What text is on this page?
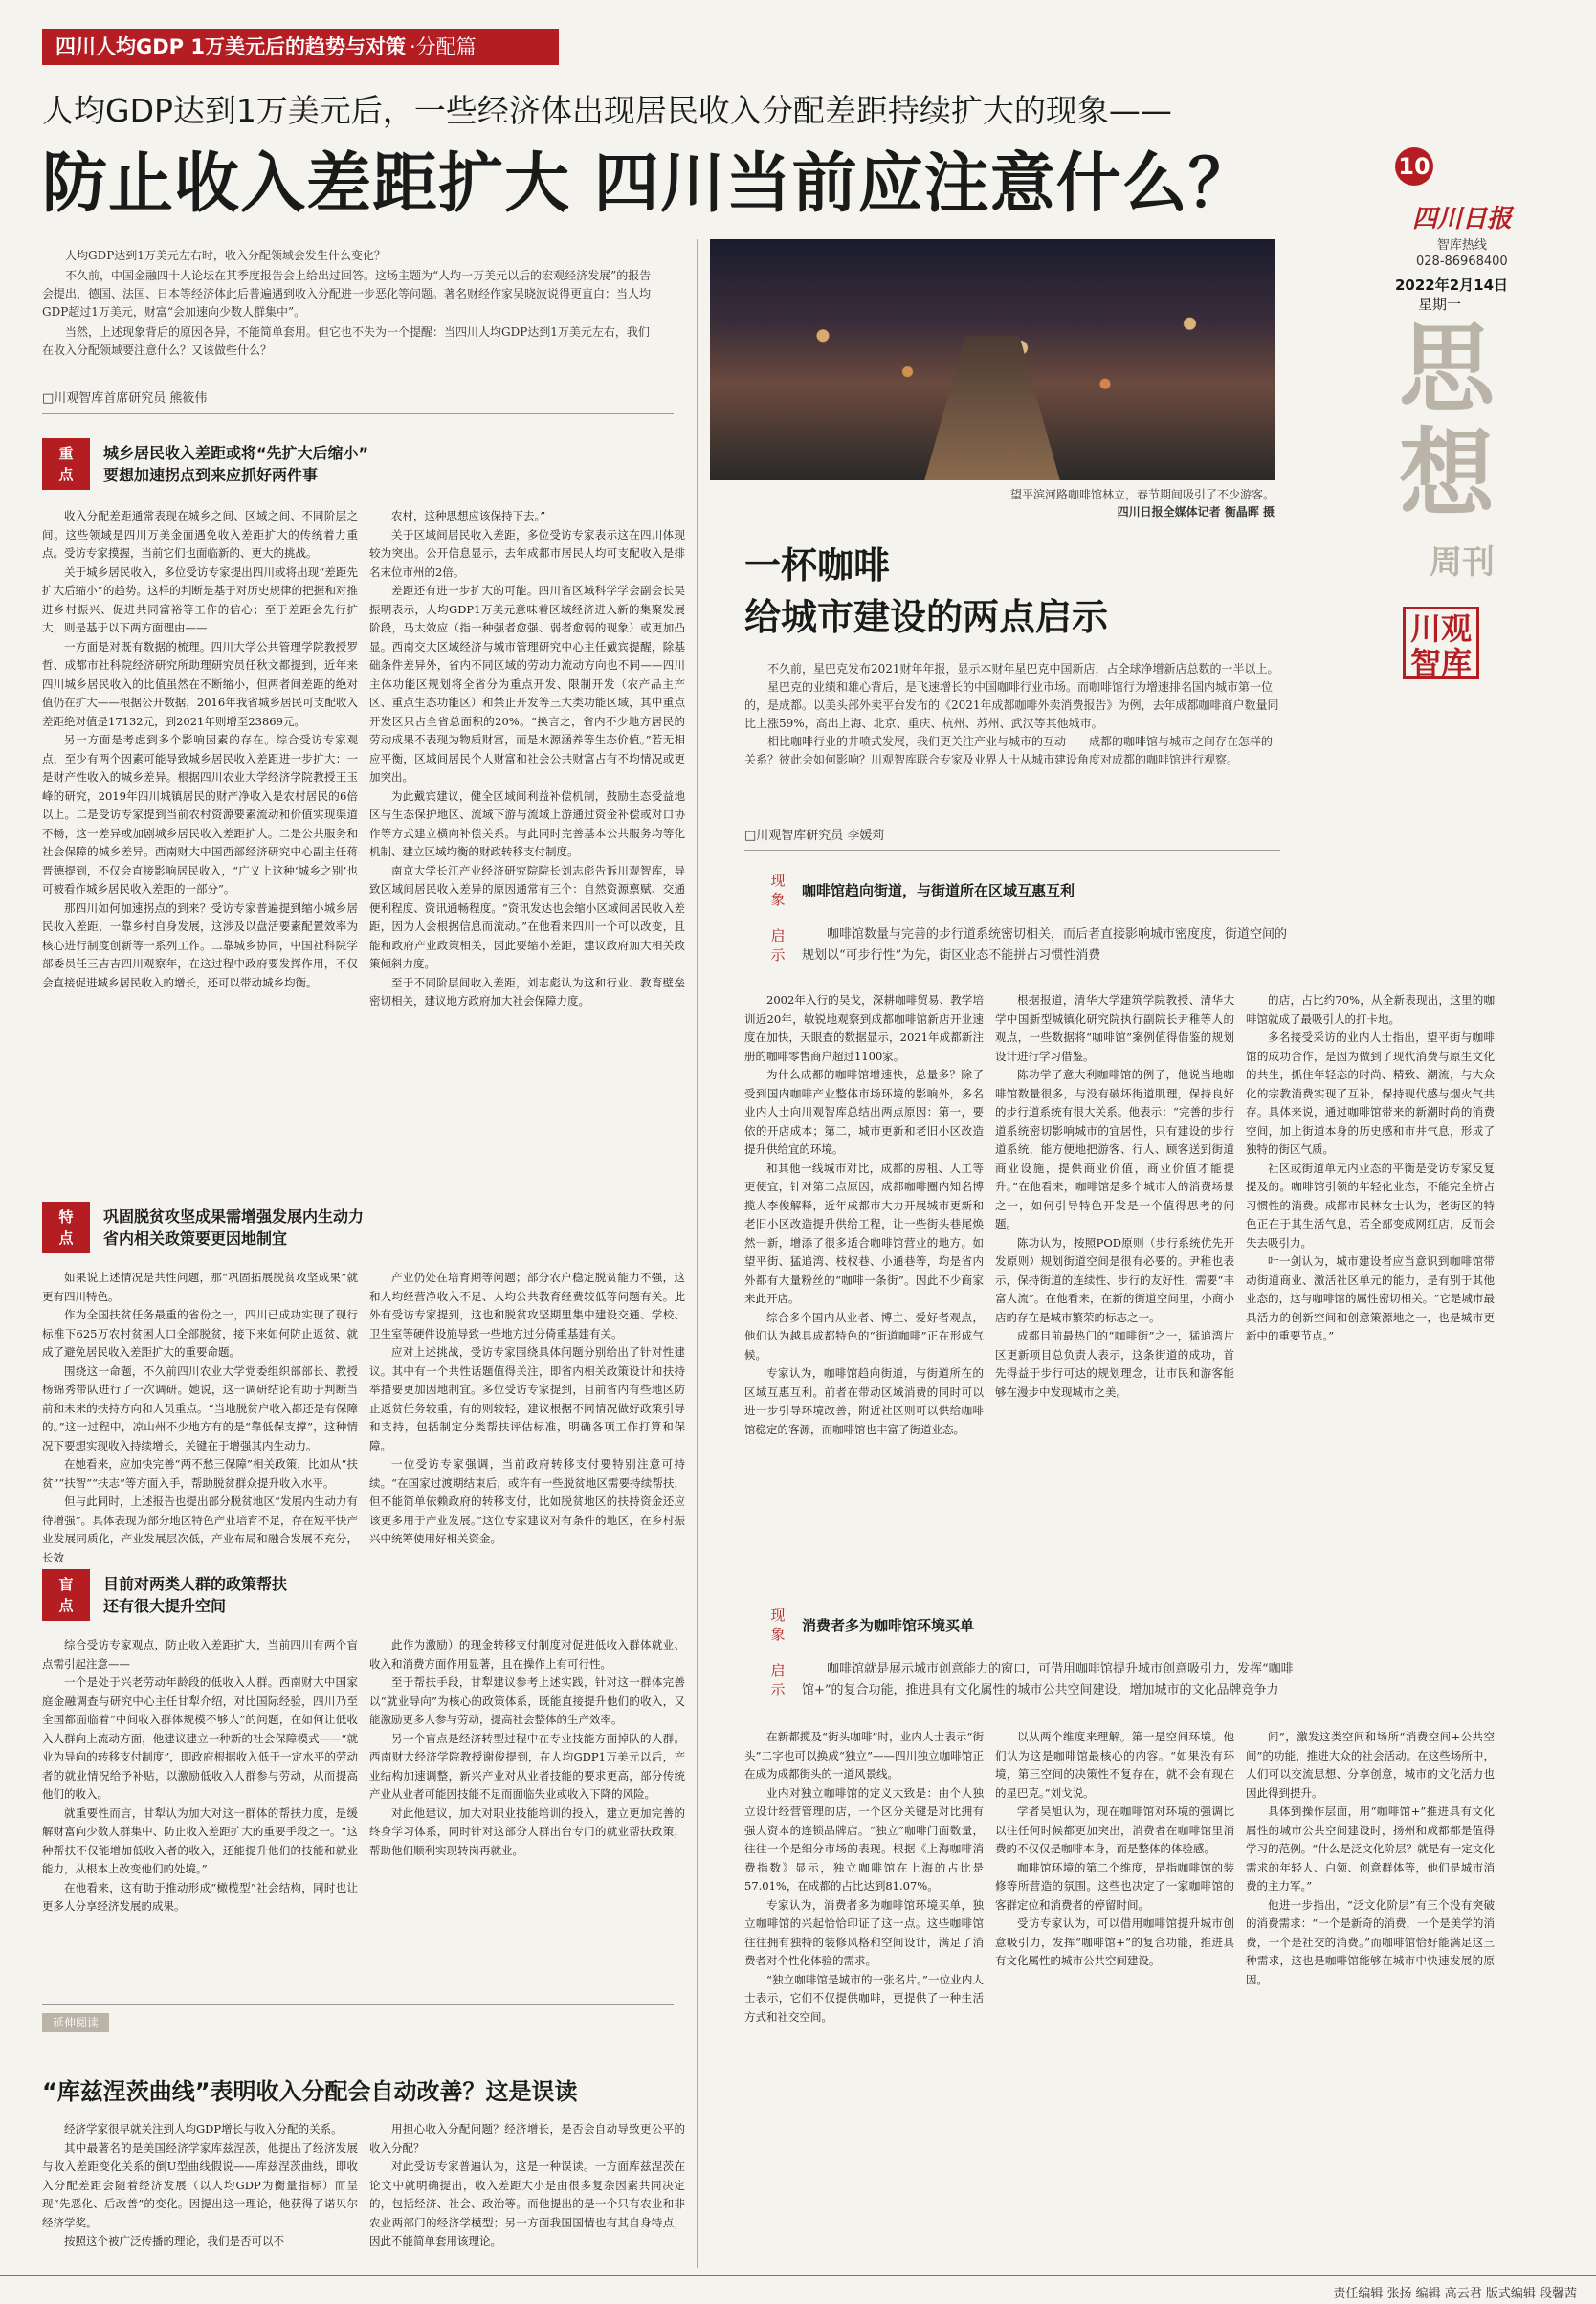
四川人均GDP 1万美元后的趋势与对策 ·分配篇
人均GDP达到1万美元后，一些经济体出现居民收入分配差距持续扩大的现象——
防止收入差距扩大 四川当前应注意什么？

人均GDP达到1万美元左右时，收入分配领域会发生什么变化？

不久前，中国金融四十人论坛在其季度报告会上给出过回答。这场主题为“人均一万美元以后的宏观经济发展”的报告会提出，德国、法国、日本等经济体此后普遍遇到收入分配进一步恶化等问题。著名财经作家吴晓波说得更直白：当人均GDP超过1万美元，财富“会加速向少数人群集中”。

当然，上述现象背后的原因各异，不能简单套用。但它也不失为一个提醒：当四川人均GDP达到1万美元左右，我们在收入分配领域要注意什么？又该做些什么？

□川观智库首席研究员 熊筱伟
重
点
城乡居民收入差距或将“先扩大后缩小”
要想加速拐点到来应抓好两件事

收入分配差距通常表现在城乡之间、区域之间、不同阶层之间。这些领域是四川万美金面遇免收入差距扩大的传统着力重点。受访专家摸握，当前它们也面临新的、更大的挑战。

关于城乡居民收入，多位受访专家提出四川或将出现“差距先扩大后缩小”的趋势。这样的判断是基于对历史规律的把握和对推进乡村振兴、促进共同富裕等工作的信心；至于差距会先行扩大，则是基于以下两方面理由——

一方面是对既有数据的梳理。四川大学公共管理学院教授罗哲、成都市社科院经济研究所助理研究员任秋文都提到，近年来四川城乡居民收入的比值虽然在不断缩小，但两者间差距的绝对值仍在扩大——根据公开数据，2016年我省城乡居民可支配收入差距绝对值是17132元，到2021年则增至23869元。

另一方面是考虑到多个影响因素的存在。综合受访专家观点，至少有两个因素可能导致城乡居民收入差距进一步扩大：一是财产性收入的城乡差异。根据四川农业大学经济学院教授王玉峰的研究，2019年四川城镇居民的财产净收入是农村居民的6倍以上。二是受访专家提到当前农村资源要素流动和价值实现渠道不畅，这一差异或加剧城乡居民收入差距扩大。二是公共服务和社会保障的城乡差异。西南财大中国西部经济研究中心副主任蒋晋德提到，不仅会直接影响居民收入，“广义上这种‘城乡之别’也可被看作城乡居民收入差距的一部分”。

那四川如何加速拐点的到来？受访专家普遍提到缩小城乡居民收入差距，一靠乡村自身发展，这涉及以盘活要素配置效率为核心进行制度创新等一系列工作。二靠城乡协同，中国社科院学部委员任三吉吉四川观察年，在这过程中政府要发挥作用，不仅会直接促进城乡居民收入的增长，还可以带动城乡均衡。

农村，这种思想应该保持下去。”

关于区域间居民收入差距，多位受访专家表示这在四川体现较为突出。公开信息显示，去年成都市居民人均可支配收入是排名末位市州的2倍。

差距还有进一步扩大的可能。四川省区域科学学会副会长吴振明表示，人均GDP1万美元意味着区域经济进入新的集聚发展阶段，马太效应（指一种强者愈强、弱者愈弱的现象）或更加凸显。西南交大区域经济与城市管理研究中心主任戴宾提醒，除基础条件差异外，省内不同区域的劳动力流动方向也不同——四川主体功能区规划将全省分为重点开发、限制开发（农产品主产区、重点生态功能区）和禁止开发等三大类功能区域，其中重点开发区只占全省总面积的20%。“换言之，省内不少地方居民的劳动成果不表现为物质财富，而是水源涵养等生态价值。”若无相应平衡，区域间居民个人财富和社会公共财富占有不均情况或更加突出。

为此戴宾建议，健全区域间利益补偿机制，鼓励生态受益地区与生态保护地区、流域下游与流域上游通过资金补偿或对口协作等方式建立横向补偿关系。与此同时完善基本公共服务均等化机制、建立区域均衡的财政转移支付制度。

南京大学长江产业经济研究院院长刘志彪告诉川观智库，导致区域间居民收入差异的原因通常有三个：自然资源禀赋、交通便利程度、资讯通畅程度。“资讯发达也会缩小区域间居民收入差距，因为人会根据信息而流动。”在他看来四川一个可以改变，且能和政府产业政策相关，因此要缩小差距，建议政府加大相关政策倾斜力度。

至于不同阶层间收入差距，刘志彪认为这和行业、教育壁垒密切相关，建议地方政府加大社会保障力度。

特
点
巩固脱贫攻坚成果需增强发展内生动力
省内相关政策要更因地制宜

如果说上述情况是共性问题，那“巩固拓展脱贫攻坚成果”就更有四川特色。

作为全国扶贫任务最重的省份之一，四川已成功实现了现行标准下625万农村贫困人口全部脱贫，接下来如何防止返贫、就成了避免居民收入差距扩大的重要命题。

围绕这一命题，不久前四川农业大学党委组织部部长、教授杨锦秀带队进行了一次调研。她说，这一调研结论有助于判断当前和未来的扶持方向和人员重点。“当地脱贫户收入都还是有保障的。”这一过程中，凉山州不少地方有的是“靠低保支撑”，这种情况下要想实现收入持续增长，关键在于增强其内生动力。

在她看来，应加快完善“两不愁三保障”相关政策，比如从“扶贫”“扶智”“扶志”等方面入手，帮助脱贫群众提升收入水平。

但与此同时，上述报告也提出部分脱贫地区“发展内生动力有待增强”。具体表现为部分地区特色产业培育不足，存在短平快产业发展同质化，产业发展层次低，产业布局和融合发展不充分，长效

产业仍处在培育期等问题；部分农户稳定脱贫能力不强，这和人均经营净收入不足、人均公共教育经费较低等问题有关。此外有受访专家提到，这也和脱贫攻坚期里集中建设交通、学校、卫生室等硬件设施导致一些地方过分倚重基建有关。

应对上述挑战，受访专家围绕具体问题分别给出了针对性建议。其中有一个共性话题值得关注，即省内相关政策设计和扶持举措要更加因地制宜。多位受访专家提到，目前省内有些地区防止返贫任务较重，有的则较轻，建议根据不同情况做好政策引导和支持，包括制定分类帮扶评估标准，明确各项工作打算和保障。

一位受访专家强调，当前政府转移支付要特别注意可持续。“在国家过渡期结束后，或许有一些脱贫地区需要持续帮扶，但不能简单依赖政府的转移支付，比如脱贫地区的扶持资金还应该更多用于产业发展。”这位专家建议对有条件的地区，在乡村振兴中统筹使用好相关资金。

盲
点
目前对两类人群的政策帮扶
还有很大提升空间

综合受访专家观点，防止收入差距扩大，当前四川有两个盲点需引起注意——

一个是处于兴老劳动年龄段的低收入人群。西南财大中国家庭金融调查与研究中心主任甘犁介绍，对比国际经验，四川乃至全国都面临着“中间收入群体规模不够大”的问题，在如何让低收入人群向上流动方面，他建议建立一种新的社会保障模式——“就业为导向的转移支付制度”，即政府根据收入低于一定水平的劳动者的就业情况给予补贴，以激励低收入人群参与劳动，从而提高他们的收入。

就重要性而言，甘犁认为加大对这一群体的帮扶力度，是缓解财富向少数人群集中、防止收入差距扩大的重要手段之一。“这种帮扶不仅能增加低收入者的收入，还能提升他们的技能和就业能力，从根本上改变他们的处境。”

在他看来，这有助于推动形成“橄榄型”社会结构，同时也让更多人分享经济发展的成果。

此作为激励）的现金转移支付制度对促进低收入群体就业、收入和消费方面作用显著，且在操作上有可行性。

至于帮扶手段，甘犁建议参考上述实践，针对这一群体完善以“就业导向”为核心的政策体系，既能直接提升他们的收入，又能激励更多人参与劳动，提高社会整体的生产效率。

另一个盲点是经济转型过程中在专业技能方面掉队的人群。西南财大经济学院教授谢俊提到，在人均GDP1万美元以后，产业结构加速调整，新兴产业对从业者技能的要求更高，部分传统产业从业者可能因技能不足而面临失业或收入下降的风险。

对此他建议，加大对职业技能培训的投入，建立更加完善的终身学习体系，同时针对这部分人群出台专门的就业帮扶政策，帮助他们顺利实现转岗再就业。

延伸阅读
“库兹涅茨曲线”表明收入分配会自动改善？这是误读

经济学家很早就关注到人均GDP增长与收入分配的关系。

其中最著名的是美国经济学家库兹涅茨，他提出了经济发展与收入差距变化关系的倒U型曲线假说——库兹涅茨曲线，即收入分配差距会随着经济发展（以人均GDP为衡量指标）而呈现“先恶化、后改善”的变化。因提出这一理论，他获得了诺贝尔经济学奖。

按照这个被广泛传播的理论，我们是否可以不

用担心收入分配问题？经济增长，是否会自动导致更公平的收入分配？

对此受访专家普遍认为，这是一种误读。一方面库兹涅茨在论文中就明确提出，收入差距大小是由很多复杂因素共同决定的，包括经济、社会、政治等。而他提出的是一个只有农业和非农业两部门的经济学模型；另一方面我国国情也有其自身特点，因此不能简单套用该理论。

望平滨河路咖啡馆林立，春节期间吸引了不少游客。
四川日报全媒体记者 衡晶晖 摄
一杯咖啡
给城市建设的两点启示

不久前，星巴克发布2021财年年报，显示本财年星巴克中国新店，占全球净增新店总数的一半以上。

星巴克的业绩和雄心背后，是飞速增长的中国咖啡行业市场。而咖啡馆行为增速排名国内城市第一位的，是成都。以美头部外卖平台发布的《2021年成都咖啡外卖消费报告》为例，去年成都咖啡商户数量同比上涨59%，高出上海、北京、重庆、杭州、苏州、武汉等其他城市。

相比咖啡行业的井喷式发展，我们更关注产业与城市的互动——成都的咖啡馆与城市之间存在怎样的关系？彼此会如何影响？川观智库联合专家及业界人士从城市建设角度对成都的咖啡馆进行观察。

□川观智库研究员 李媛莉
现
象
咖啡馆趋向街道，与街道所在区域互惠互利
启
示
咖啡馆数量与完善的步行道系统密切相关，而后者直接影响城市密度度，街道空间的
规划以“可步行性”为先，街区业态不能拼占习惯性消费

2002年入行的吴戈，深耕咖啡贸易、教学培训近20年，敏锐地观察到成都咖啡馆新店开业速度在加快，天眼查的数据显示，2021年成都新注册的咖啡零售商户超过1100家。

为什么成都的咖啡馆增速快，总量多？除了受到国内咖啡产业整体市场环境的影响外，多名业内人士向川观智库总结出两点原因：第一，要依的开店成本；第二，城市更新和老旧小区改造提升供给宜的环境。

和其他一线城市对比，成都的房租、人工等更便宜，针对第二点原因，成都咖啡圈内知名博揽人李俊解释，近年成都市大力开展城市更新和老旧小区改造提升供给工程，让一些街头巷尾焕然一新，增添了很多适合咖啡馆营业的地方。如望平街、猛追湾、枝杈巷、小通巷等，均是省内外都有大量粉丝的“咖啡一条街”。因此不少商家来此开店。

综合多个国内从业者、博主、爱好者观点，他们认为越具成都特色的“街道咖啡”正在形成气候。

专家认为，咖啡馆趋向街道，与街道所在的区域互惠互利。前者在带动区域消费的同时可以进一步引导环境改善，附近社区则可以供给咖啡馆稳定的客源，而咖啡馆也丰富了街道业态。

根据报道，清华大学建筑学院教授、清华大学中国新型城镇化研究院执行副院长尹稚等人的观点，一些数据将“咖啡馆”案例值得借鉴的规划设计进行学习借鉴。

陈功学了意大利咖啡馆的例子，他说当地咖啡馆数量很多，与没有破坏街道肌理，保持良好的步行道系统有很大关系。他表示：“完善的步行道系统密切影响城市的宜居性，只有建设的步行道系统，能方便地把游客、行人、顾客送到街道商业设施，提供商业价值，商业价值才能提升。”在他看来，咖啡馆是多个城市人的消费场景之一，如何引导特色开发是一个值得思考的问题。

陈功认为，按照POD原则（步行系统优先开发原则）规划街道空间是很有必要的。尹稚也表示，保持街道的连续性、步行的友好性，需要“丰富人流”。在他看来，在新的街道空间里，小商小店的存在是城市繁荣的标志之一。

成都目前最热门的“咖啡街”之一，猛追湾片区更新项目总负责人表示，这条街道的成功，首先得益于步行可达的规划理念，让市民和游客能够在漫步中发现城市之美。

的店，占比约70%，从全新表现出，这里的咖啡馆就成了最吸引人的打卡地。

多名接受采访的业内人士指出，望平街与咖啡馆的成功合作，是因为做到了现代消费与原生文化的共生，抓住年轻态的时尚、精致、潮流，与大众化的宗教消费实现了互补，保持现代感与烟火气共存。具体来说，通过咖啡馆带来的新潮时尚的消费空间，加上街道本身的历史感和市井气息，形成了独特的街区气质。

社区或街道单元内业态的平衡是受访专家反复提及的。咖啡馆引领的年轻化业态，不能完全挤占习惯性的消费。成都市民林女士认为，老街区的特色正在于其生活气息，若全部变成网红店，反而会失去吸引力。

叶一剑认为，城市建设者应当意识到咖啡馆带动街道商业、激活社区单元的能力，是有别于其他业态的，这与咖啡馆的属性密切相关。“它是城市最具活力的创新空间和创意策源地之一，也是城市更新中的重要节点。”

现
象
消费者多为咖啡馆环境买单
启
示
咖啡馆就是展示城市创意能力的窗口，可借用咖啡馆提升城市创意吸引力，发挥“咖啡
馆+”的复合功能，推进具有文化属性的城市公共空间建设，增加城市的文化品牌竞争力

在新都揽及“街头咖啡”时，业内人士表示“街头”二字也可以换成“独立”——四川独立咖啡馆正在成为成都街头的一道风景线。

业内对独立咖啡馆的定义大致是：由个人独立设计经营管理的店，一个区分关键是对比拥有强大资本的连锁品牌店。“独立”咖啡门面数量，往往一个是细分市场的表现。根据《上海咖啡消费指数》显示，独立咖啡馆在上海的占比是57.01%，在成都的占比达到81.07%。

专家认为，消费者多为咖啡馆环境买单，独立咖啡馆的兴起恰恰印证了这一点。这些咖啡馆往往拥有独特的装修风格和空间设计，满足了消费者对个性化体验的需求。

“独立咖啡馆是城市的一张名片。”一位业内人士表示，它们不仅提供咖啡，更提供了一种生活方式和社交空间。

以从两个维度来理解。第一是空间环境。他们认为这是咖啡馆最核心的内容。“如果没有环境，第三空间的决策性不复存在，就不会有现在的星巴克。”刘戈说。

学者吴旭认为，现在咖啡馆对环境的强调比以往任何时候都更加突出，消费者在咖啡馆里消费的不仅仅是咖啡本身，而是整体的体验感。

咖啡馆环境的第二个维度，是指咖啡馆的装修等所营造的氛围。这些也决定了一家咖啡馆的客群定位和消费者的停留时间。

受访专家认为，可以借用咖啡馆提升城市创意吸引力，发挥“咖啡馆+”的复合功能，推进具有文化属性的城市公共空间建设。

间”，激发这类空间和场所“消费空间+公共空间”的功能，推进大众的社会活动。在这些场所中，人们可以交流思想、分享创意，城市的文化活力也因此得到提升。

具体到操作层面，用“咖啡馆+”推进具有文化属性的城市公共空间建设时，扬州和成都都是值得学习的范例。“什么是泛文化阶层？就是有一定文化需求的年轻人、白领、创意群体等，他们是城市消费的主力军。”

他进一步指出，“泛文化阶层”有三个没有突破的消费需求：“一个是新奇的消费，一个是美学的消费，一个是社交的消费。”而咖啡馆恰好能满足这三种需求，这也是咖啡馆能够在城市中快速发展的原因。

10
四川日报
智库热线
028-86968400
2022年2月14日
星期一
思
想
周刊
川观
智库
责任编辑 张扬 编辑 高云君 版式编辑 段馨茜
